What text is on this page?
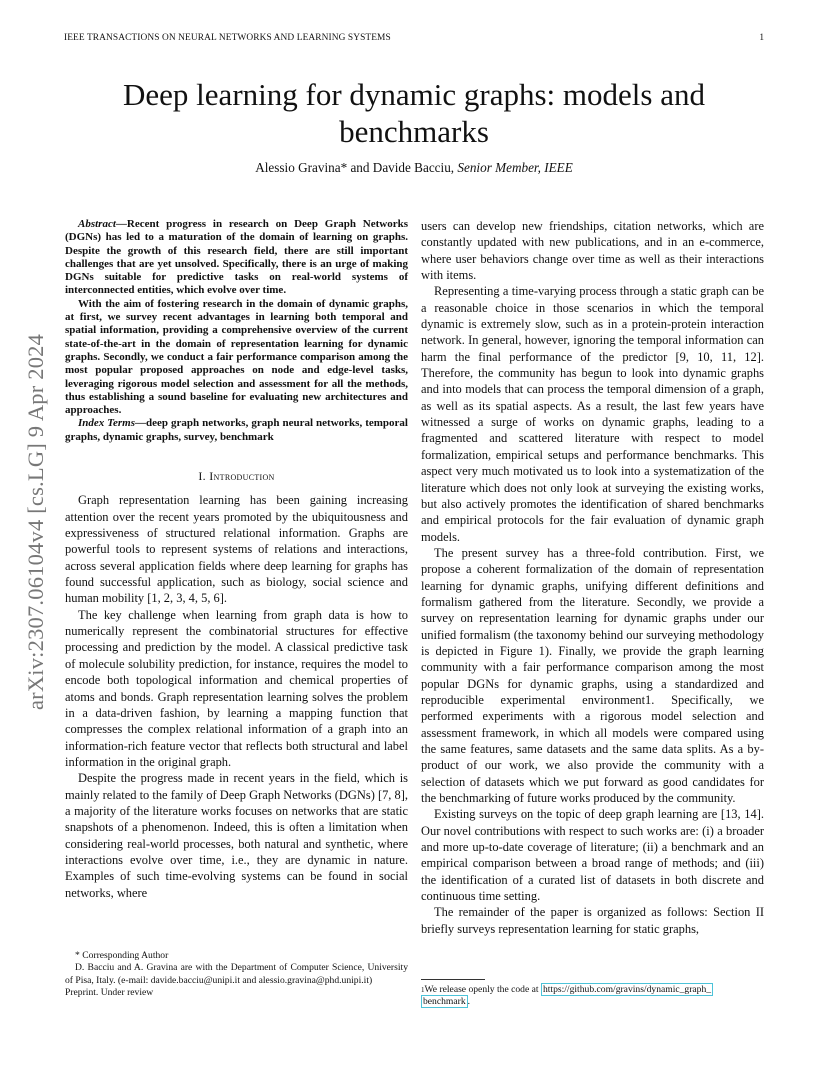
IEEE TRANSACTIONS ON NEURAL NETWORKS AND LEARNING SYSTEMS	1
Deep learning for dynamic graphs: models and benchmarks
Alessio Gravina* and Davide Bacciu, Senior Member, IEEE
arXiv:2307.06104v4 [cs.LG] 9 Apr 2024

Abstract—Recent progress in research on Deep Graph Networks (DGNs) has led to a maturation of the domain of learning on graphs. Despite the growth of this research field, there are still important challenges that are yet unsolved. Specifically, there is an urge of making DGNs suitable for predictive tasks on real-world systems of interconnected entities, which evolve over time.

With the aim of fostering research in the domain of dynamic graphs, at first, we survey recent advantages in learning both temporal and spatial information, providing a comprehensive overview of the current state-of-the-art in the domain of representation learning for dynamic graphs. Secondly, we conduct a fair performance comparison among the most popular proposed approaches on node and edge-level tasks, leveraging rigorous model selection and assessment for all the methods, thus establishing a sound baseline for evaluating new architectures and approaches.

Index Terms—deep graph networks, graph neural networks, temporal graphs, dynamic graphs, survey, benchmark

I. Introduction

Graph representation learning has been gaining increasing attention over the recent years promoted by the ubiquitousness and expressiveness of structured relational information. Graphs are powerful tools to represent systems of relations and interactions, across several application fields where deep learning for graphs has found successful application, such as biology, social science and human mobility [1, 2, 3, 4, 5, 6].

The key challenge when learning from graph data is how to numerically represent the combinatorial structures for effective processing and prediction by the model. A classical predictive task of molecule solubility prediction, for instance, requires the model to encode both topological information and chemical properties of atoms and bonds. Graph representation learning solves the problem in a data-driven fashion, by learning a mapping function that compresses the complex relational information of a graph into an information-rich feature vector that reflects both structural and label information in the original graph.

Despite the progress made in recent years in the field, which is mainly related to the family of Deep Graph Networks (DGNs) [7, 8], a majority of the literature works focuses on networks that are static snapshots of a phenomenon. Indeed, this is often a limitation when considering real-world processes, both natural and synthetic, where interactions evolve over time, i.e., they are dynamic in nature. Examples of such time-evolving systems can be found in social networks, where

users can develop new friendships, citation networks, which are constantly updated with new publications, and in an e-commerce, where user behaviors change over time as well as their interactions with items.

Representing a time-varying process through a static graph can be a reasonable choice in those scenarios in which the temporal dynamic is extremely slow, such as in a protein-protein interaction network. In general, however, ignoring the temporal information can harm the final performance of the predictor [9, 10, 11, 12]. Therefore, the community has begun to look into dynamic graphs and into models that can process the temporal dimension of a graph, as well as its spatial aspects. As a result, the last few years have witnessed a surge of works on dynamic graphs, leading to a fragmented and scattered literature with respect to model formalization, empirical setups and performance benchmarks. This aspect very much motivated us to look into a systematization of the literature which does not only look at surveying the existing works, but also actively promotes the identification of shared benchmarks and empirical protocols for the fair evaluation of dynamic graph models.

The present survey has a three-fold contribution. First, we propose a coherent formalization of the domain of representation learning for dynamic graphs, unifying different definitions and formalism gathered from the literature. Secondly, we provide a survey on representation learning for dynamic graphs under our unified formalism (the taxonomy behind our surveying methodology is depicted in Figure 1). Finally, we provide the graph learning community with a fair performance comparison among the most popular DGNs for dynamic graphs, using a standardized and reproducible experimental environment1. Specifically, we performed experiments with a rigorous model selection and assessment framework, in which all models were compared using the same features, same datasets and the same data splits. As a by-product of our work, we also provide the community with a selection of datasets which we put forward as good candidates for the benchmarking of future works produced by the community.

Existing surveys on the topic of deep graph learning are [13, 14]. Our novel contributions with respect to such works are: (i) a broader and more up-to-date coverage of literature; (ii) a benchmark and an empirical comparison between a broad range of methods; and (iii) the identification of a curated list of datasets in both discrete and continuous time setting.

The remainder of the paper is organized as follows: Section II briefly surveys representation learning for static graphs,

* Corresponding Author
D. Bacciu and A. Gravina are with the Department of Computer Science, University of Pisa, Italy. (e-mail: davide.bacciu@unipi.it and alessio.gravina@phd.unipi.it)
Preprint. Under review	$^1$We release openly the code at https://github.com/gravins/dynamic_graph_
benchmark .
